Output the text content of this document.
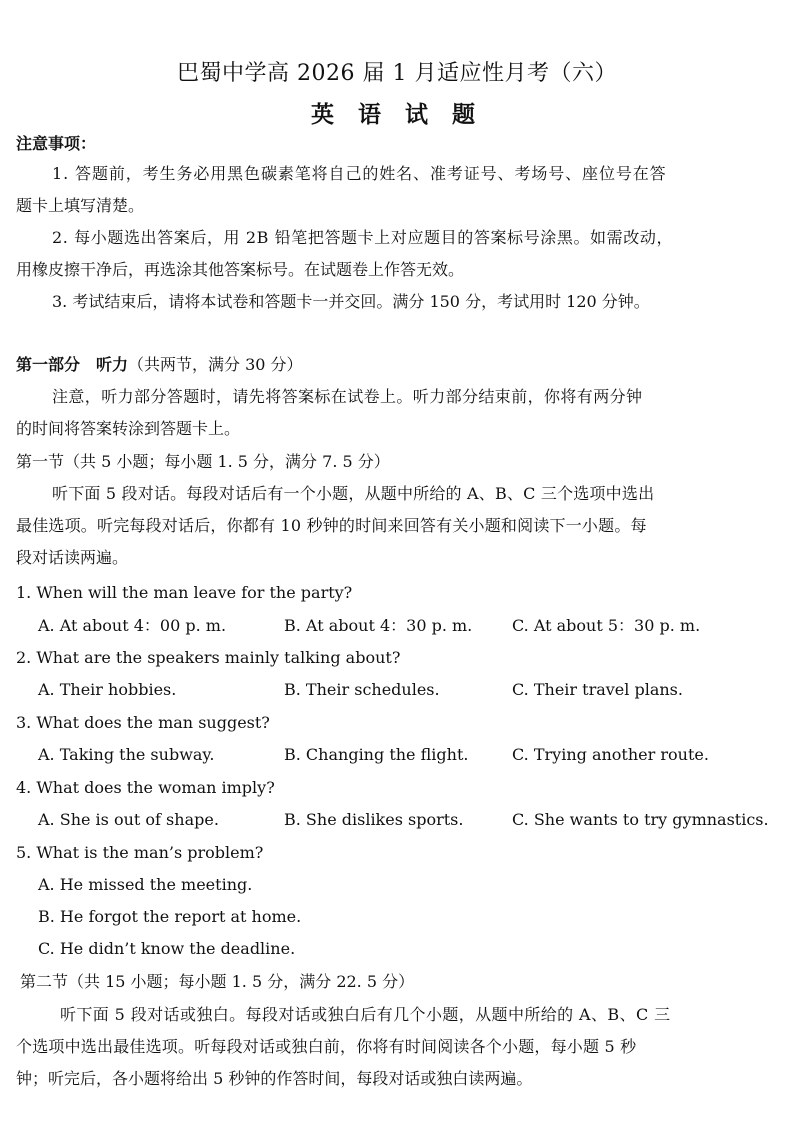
巴蜀中学高 2026 届 1 月适应性月考（六）
英 语 试 题
注意事项：
1. 答题前，考生务必用黑色碳素笔将自己的姓名、准考证号、考场号、座位号在答
题卡上填写清楚。
2. 每小题选出答案后，用 2B 铅笔把答题卡上对应题目的答案标号涂黑。如需改动，
用橡皮擦干净后，再选涂其他答案标号。在试题卷上作答无效。
3. 考试结束后，请将本试卷和答题卡一并交回。满分 150 分，考试用时 120 分钟。
第一部分　听力（共两节，满分 30 分）
注意，听力部分答题时，请先将答案标在试卷上。听力部分结束前，你将有两分钟
的时间将答案转涂到答题卡上。
第一节（共 5 小题；每小题 1. 5 分，满分 7. 5 分）
听下面 5 段对话。每段对话后有一个小题，从题中所给的 A、B、C 三个选项中选出
最佳选项。听完每段对话后，你都有 10 秒钟的时间来回答有关小题和阅读下一小题。每
段对话读两遍。
1. When will the man leave for the party?
A. At about 4：00 p. m.	B. At about 4：30 p. m. C. At about 5：30 p. m.
2. What are the speakers mainly talking about?
A. Their hobbies.	B. Their schedules.	C. Their travel plans.
3. What does the man suggest?
A. Taking the subway.	B. Changing the flight.	C. Trying another route.
4. What does the woman imply?
A. She is out of shape.	B. She dislikes sports.	C. She wants to try gymnastics.
5. What is the man’s problem?
A. He missed the meeting.
B. He forgot the report at home.
C. He didn’t know the deadline.
第二节（共 15 小题；每小题 1. 5 分，满分 22. 5 分）
听下面 5 段对话或独白。每段对话或独白后有几个小题，从题中所给的 A、B、C 三
个选项中选出最佳选项。听每段对话或独白前，你将有时间阅读各个小题，每小题 5 秒
钟；听完后，各小题将给出 5 秒钟的作答时间，每段对话或独白读两遍。
